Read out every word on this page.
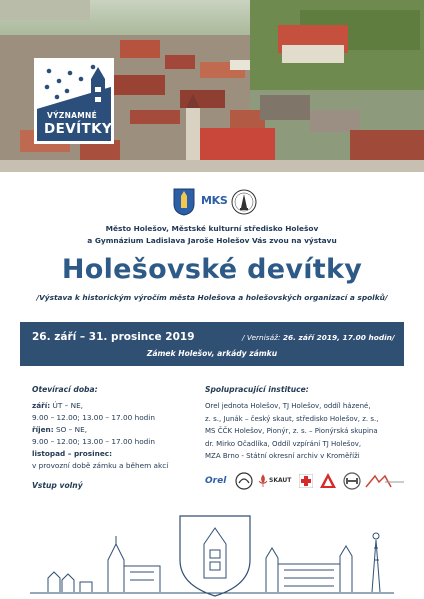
VÝZNAMNÉ
DEVÍTKY
MKS
Město Holešov, Městské kulturní středisko Holešov
a Gymnázium Ladislava Jaroše Holešov Vás zvou na výstavu
Holešovské devítky
/Výstava k historickým výročím města Holešova a holešovských organizací a spolků/
26. září – 31. prosince 2019	/ Vernisáž: 26. září 2019, 17.00 hodin/
Zámek Holešov, arkády zámku
Otevírací doba:
září: ÚT – NE,
9.00 – 12.00; 13.00 – 17.00 hodin
říjen: SO – NE,
9.00 – 12.00; 13.00 – 17.00 hodin
listopad – prosinec:
v provozní době zámku a během akcí
Vstup volný
Spolupracující instituce:
Orel jednota Holešov, TJ Holešov, oddíl házené,
z. s., Junák – český skaut, středisko Holešov, z. s.,
MS ČČK Holešov, Pionýr, z. s. – Pionýrská skupina
dr. Mirko Očadlíka, Oddíl vzpírání TJ Holešov,
MZA Brno - Státní okresní archiv v Kroměříži
Orel	SKAUT
